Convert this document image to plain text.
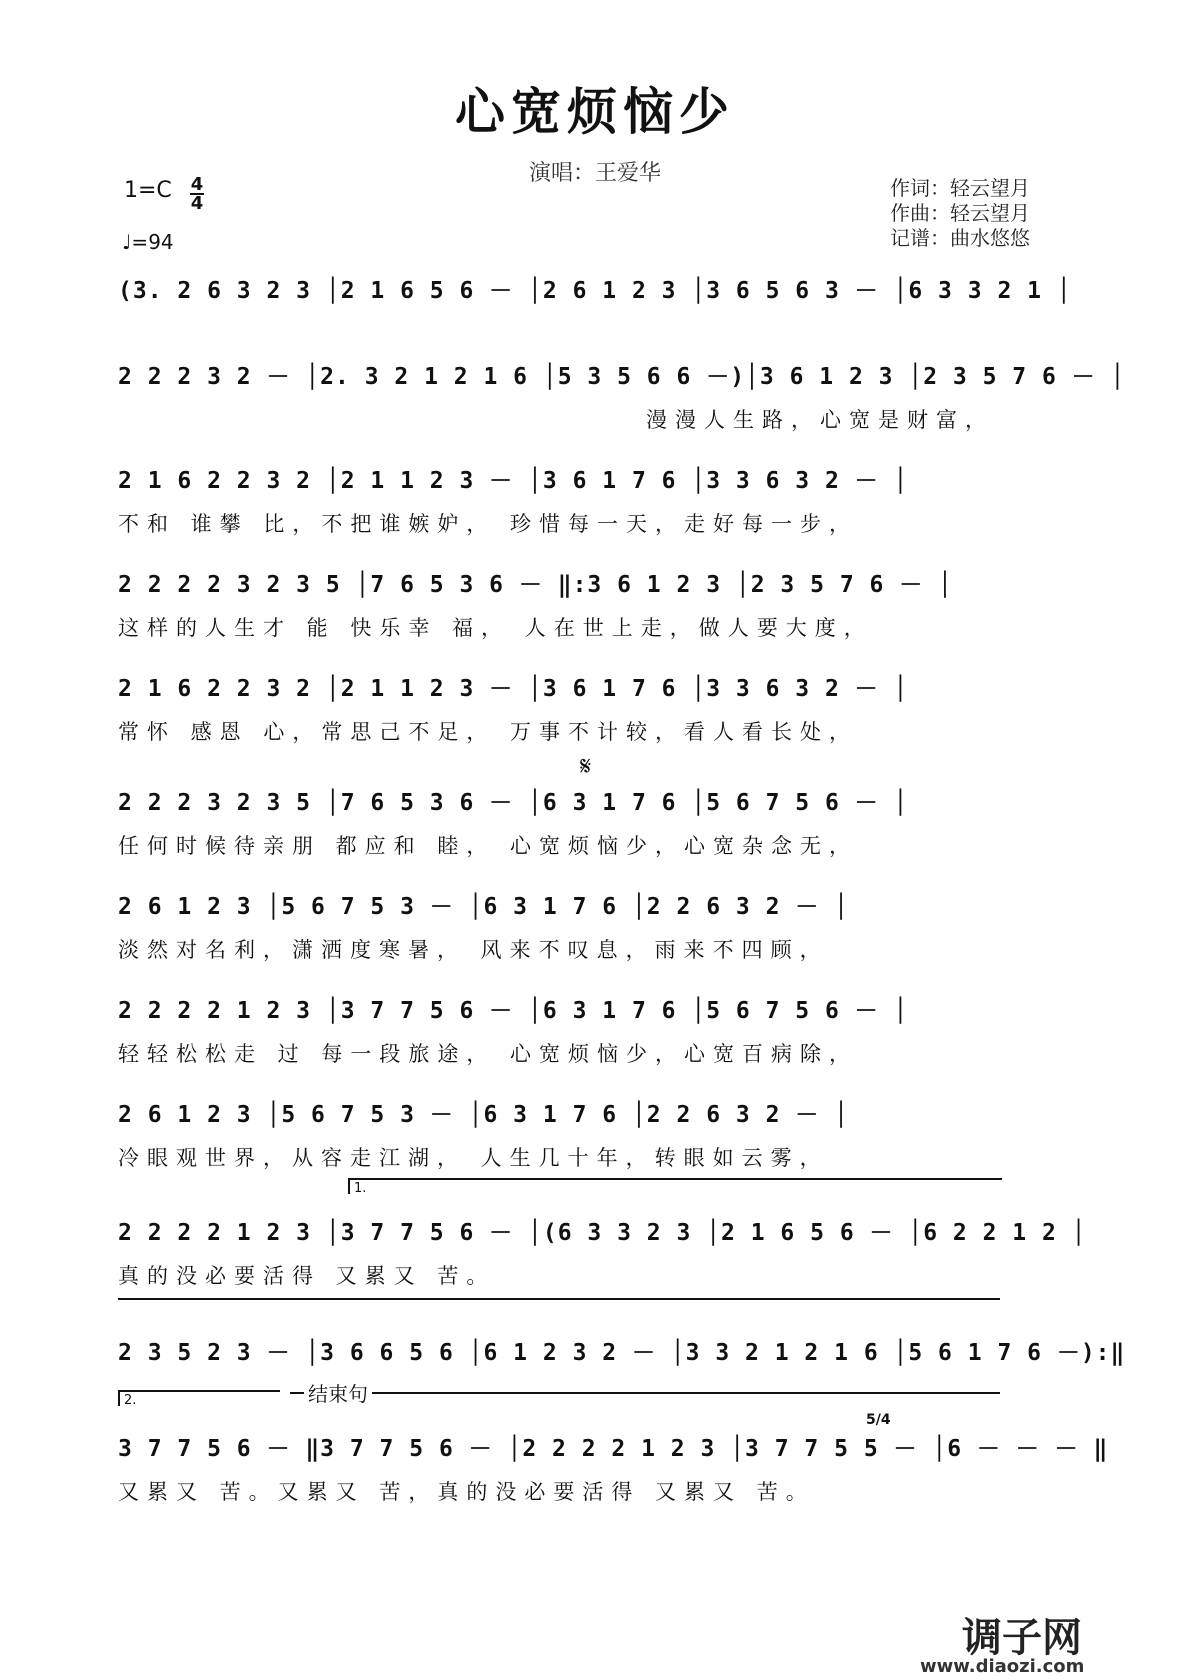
心宽烦恼少
演唱：王爱华
1=C 4
4
♩=94
作词：轻云望月
作曲：轻云望月
记谱：曲水悠悠
(3. 2 6 3 2 3 │2 1 6 5 6 － │2 6 1 2 3 │3 6 5 6 3 － │6 3 3 2 1 │
2 2 2 3 2 － │2. 3 2 1 2 1 6 │5 3 5 6 6 －)│3 6 1 2 3 │2 3 5 7 6 － │
漫漫人生路，心宽是财富，
2 1 6 2 2 3 2 │2 1 1 2 3 － │3 6 1 7 6 │3 3 6 3 2 － │
不和 谁攀 比，不把谁嫉妒， 珍惜每一天，走好每一步，
2 2 2 2 3 2 3 5 │7 6 5 3 6 － ‖:3 6 1 2 3 │2 3 5 7 6 － │
这样的人生才 能 快乐幸 福， 人在世上走，做人要大度，
2 1 6 2 2 3 2 │2 1 1 2 3 － │3 6 1 7 6 │3 3 6 3 2 － │
常怀 感恩 心，常思己不足， 万事不计较，看人看长处，
𝄋
2 2 2 3 2 3 5 │7 6 5 3 6 － │6 3 1 7 6 │5 6 7 5 6 － │
任何时候待亲朋 都应和 睦， 心宽烦恼少，心宽杂念无，
2 6 1 2 3 │5 6 7 5 3 － │6 3 1 7 6 │2 2 6 3 2 － │
淡然对名利，潇洒度寒暑， 风来不叹息，雨来不四顾，
2 2 2 2 1 2 3 │3 7 7 5 6 － │6 3 1 7 6 │5 6 7 5 6 － │
轻轻松松走 过 每一段旅途， 心宽烦恼少，心宽百病除，
2 6 1 2 3 │5 6 7 5 3 － │6 3 1 7 6 │2 2 6 3 2 － │
冷眼观世界，从容走江湖， 人生几十年，转眼如云雾，
1.
2 2 2 2 1 2 3 │3 7 7 5 6 － │(6 3 3 2 3 │2 1 6 5 6 － │6 2 2 1 2 │
真的没必要活得 又累又 苦。
2 3 5 2 3 － │3 6 6 5 6 │6 1 2 3 2 － │3 3 2 1 2 1 6 │5 6 1 7 6 －):‖
2.	结束句
5/4
3 7 7 5 6 － ‖3 7 7 5 6 － │2 2 2 2 1 2 3 │3 7 7 5 5 － │6 － － － ‖
又累又 苦。又累又 苦，真的没必要活得 又累又 苦。
调子网
www.diaozi.com
